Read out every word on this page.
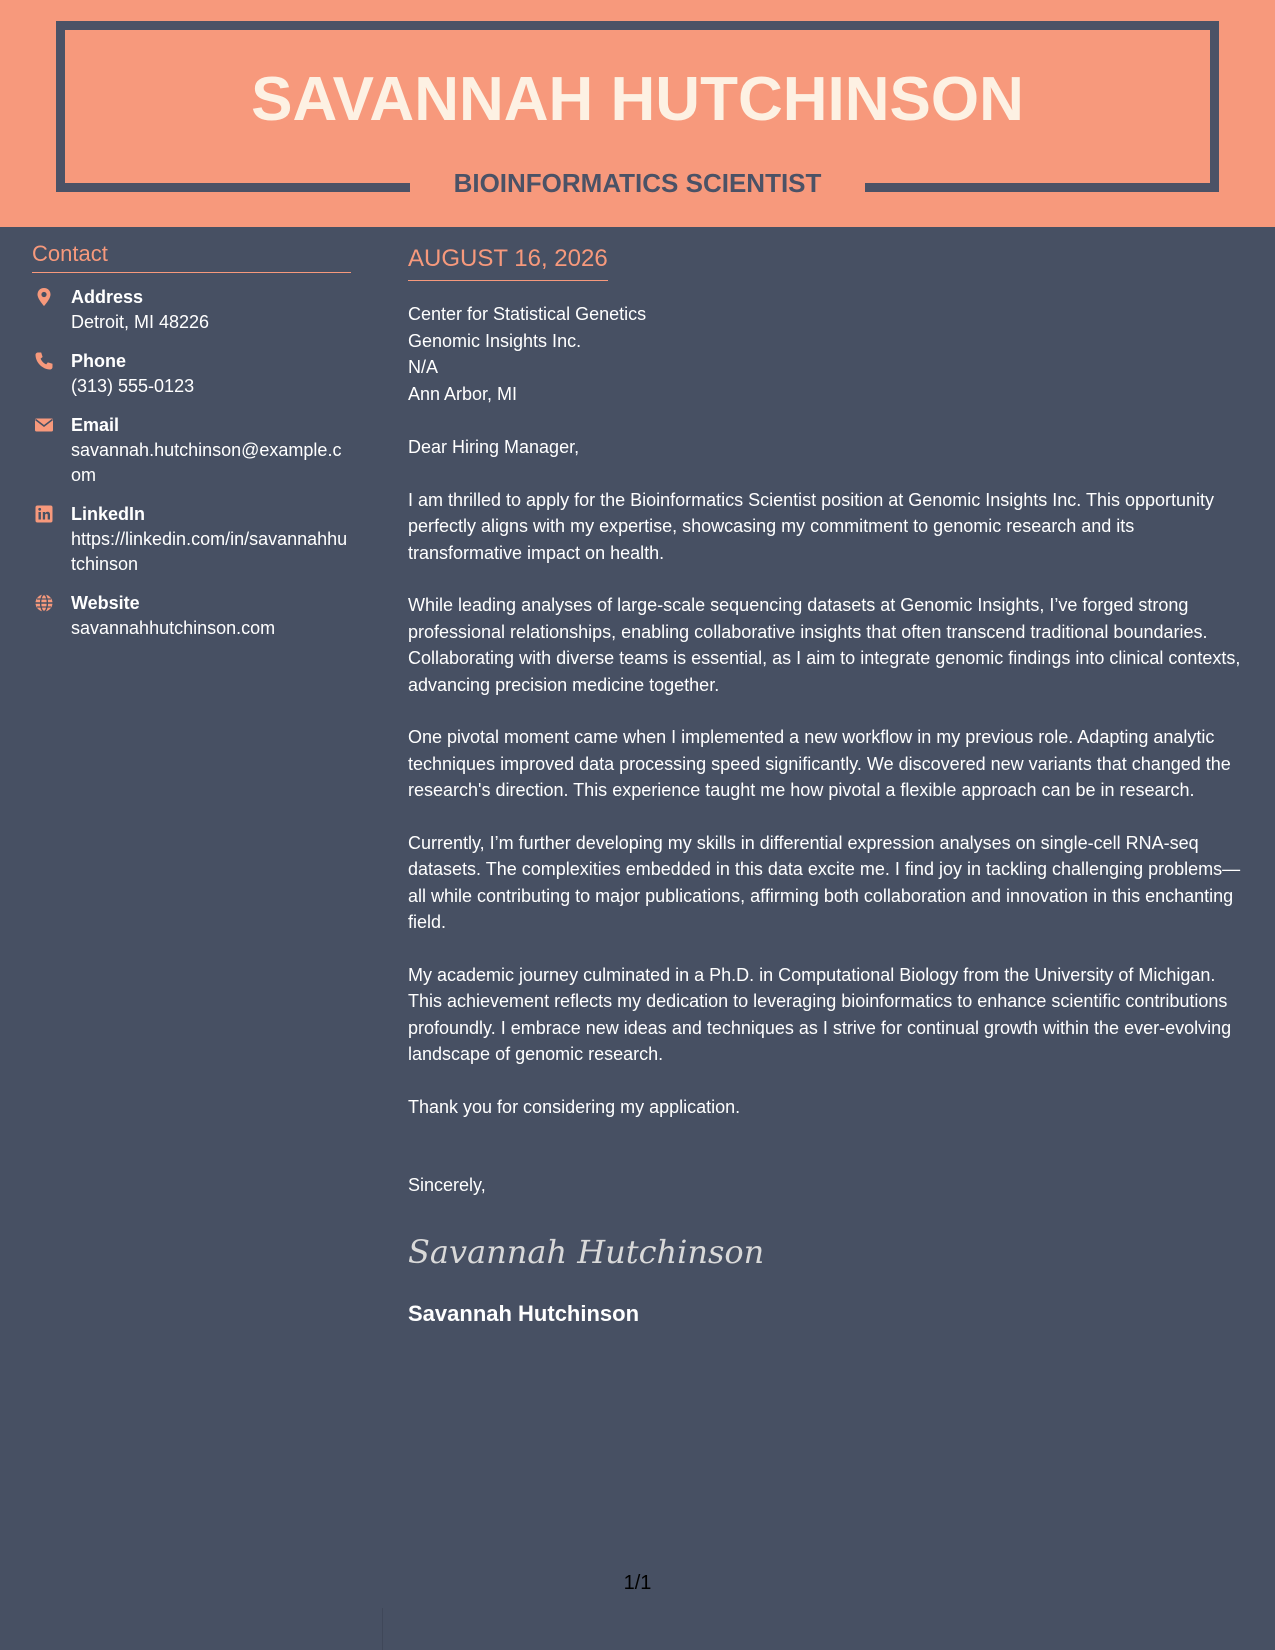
SAVANNAH HUTCHINSON
BIOINFORMATICS SCIENTIST
Contact
Address
Detroit, MI 48226
Phone
(313) 555-0123
Email
savannah.hutchinson@example.com
LinkedIn
https://linkedin.com/in/savannahhutchinson
Website
savannahhutchinson.com
AUGUST 16, 2026
Center for Statistical Genetics
Genomic Insights Inc.
N/A
Ann Arbor, MI
Dear Hiring Manager,
I am thrilled to apply for the Bioinformatics Scientist position at Genomic Insights Inc. This opportunity perfectly aligns with my expertise, showcasing my commitment to genomic research and its transformative impact on health.
While leading analyses of large-scale sequencing datasets at Genomic Insights, I’ve forged strong professional relationships, enabling collaborative insights that often transcend traditional boundaries. Collaborating with diverse teams is essential, as I aim to integrate genomic findings into clinical contexts, advancing precision medicine together.
One pivotal moment came when I implemented a new workflow in my previous role. Adapting analytic techniques improved data processing speed significantly. We discovered new variants that changed the research's direction. This experience taught me how pivotal a flexible approach can be in research.
Currently, I’m further developing my skills in differential expression analyses on single-cell RNA-seq datasets. The complexities embedded in this data excite me. I find joy in tackling challenging problems—all while contributing to major publications, affirming both collaboration and innovation in this enchanting field.
My academic journey culminated in a Ph.D. in Computational Biology from the University of Michigan. This achievement reflects my dedication to leveraging bioinformatics to enhance scientific contributions profoundly. I embrace new ideas and techniques as I strive for continual growth within the ever-evolving landscape of genomic research.
Thank you for considering my application.
Sincerely,
Savannah Hutchinson
Savannah Hutchinson
1/1
